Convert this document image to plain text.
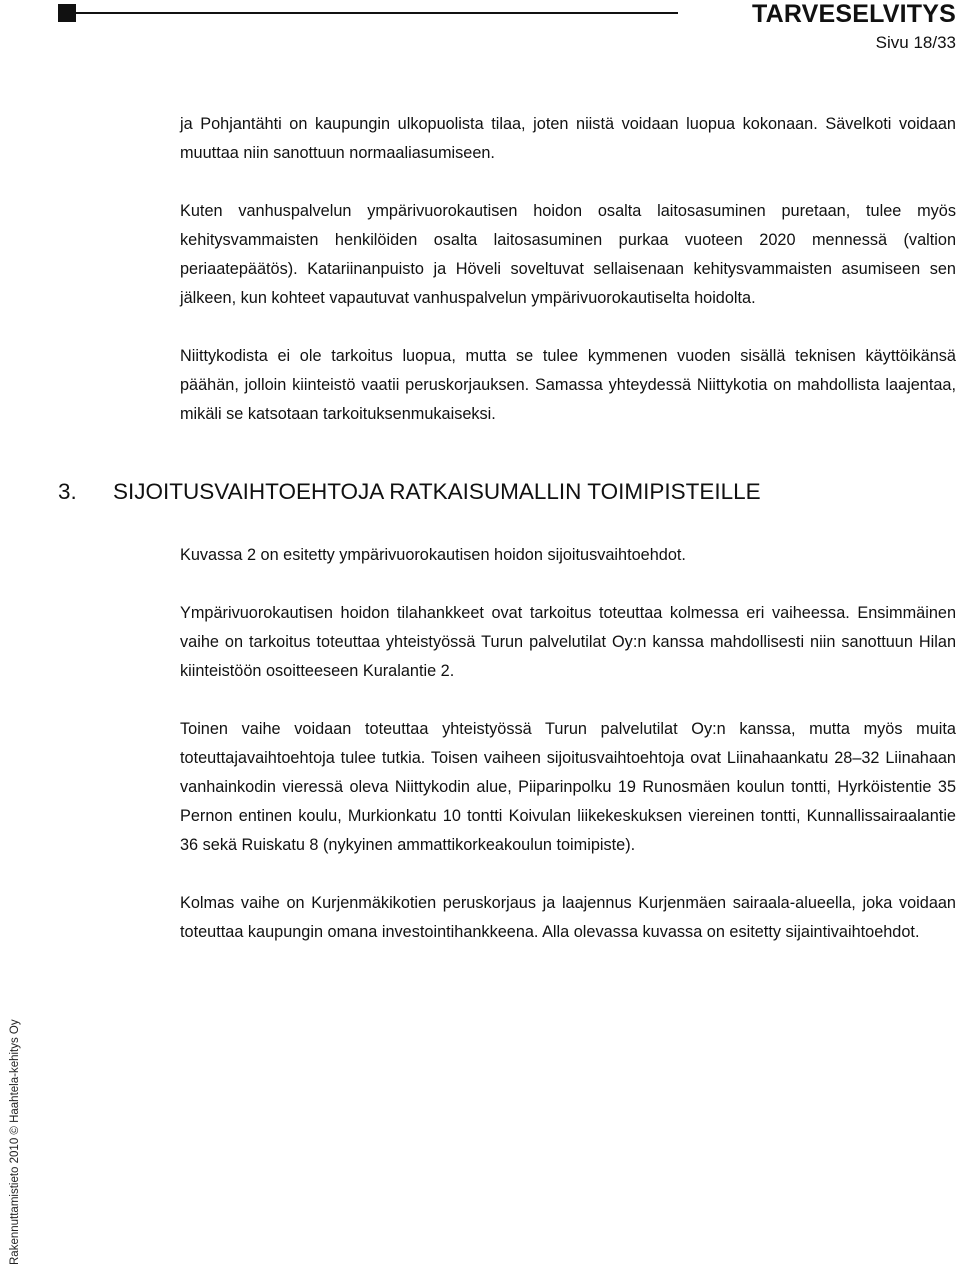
TARVESELVITYS
Sivu 18/33

ja Pohjantähti on kaupungin ulkopuolista tilaa, joten niistä voidaan luopua kokonaan. Sävelkoti voidaan muuttaa niin sanottuun normaaliasumiseen.

Kuten vanhuspalvelun ympärivuorokautisen hoidon osalta laitosasuminen puretaan, tulee myös kehitysvammaisten henkilöiden osalta laitosasuminen purkaa vuoteen 2020 mennessä (valtion periaatepäätös). Katariinanpuisto ja Höveli soveltuvat sellaisenaan kehitysvammaisten asumiseen sen jälkeen, kun kohteet vapautuvat vanhuspalvelun ympärivuorokautiselta hoidolta.

Niittykodista ei ole tarkoitus luopua, mutta se tulee kymmenen vuoden sisällä teknisen käyttöikänsä päähän, jolloin kiinteistö vaatii peruskorjauksen. Samassa yhteydessä Niittykotia on mahdollista laajentaa, mikäli se katsotaan tarkoituksenmukaiseksi.

3. SIJOITUSVAIHTOEHTOJA RATKAISUMALLIN TOIMIPISTEILLE

Kuvassa 2 on esitetty ympärivuorokautisen hoidon sijoitusvaihtoehdot.

Ympärivuorokautisen hoidon tilahankkeet ovat tarkoitus toteuttaa kolmessa eri vaiheessa. Ensimmäinen vaihe on tarkoitus toteuttaa yhteistyössä Turun palvelutilat Oy:n kanssa mahdollisesti niin sanottuun Hilan kiinteistöön osoitteeseen Kuralantie 2.

Toinen vaihe voidaan toteuttaa yhteistyössä Turun palvelutilat Oy:n kanssa, mutta myös muita toteuttajavaihtoehtoja tulee tutkia. Toisen vaiheen sijoitusvaihtoehtoja ovat Liinahaankatu 28–32 Liinahaan vanhainkodin vieressä oleva Niittykodin alue, Piiparinpolku 19 Runosmäen koulun tontti, Hyrköistentie 35 Pernon entinen koulu, Murkionkatu 10 tontti Koivulan liikekeskuksen viereinen tontti, Kunnallissairaalantie 36 sekä Ruiskatu 8 (nykyinen ammattikorkeakoulun toimipiste).

Kolmas vaihe on Kurjenmäkikotien peruskorjaus ja laajennus Kurjenmäen sairaala-alueella, joka voidaan toteuttaa kaupungin omana investointihankkeena. Alla olevassa kuvassa on esitetty sijaintivaihtoehdot.

Rakennuttamistieto 2010 © Haahtela-kehitys Oy
